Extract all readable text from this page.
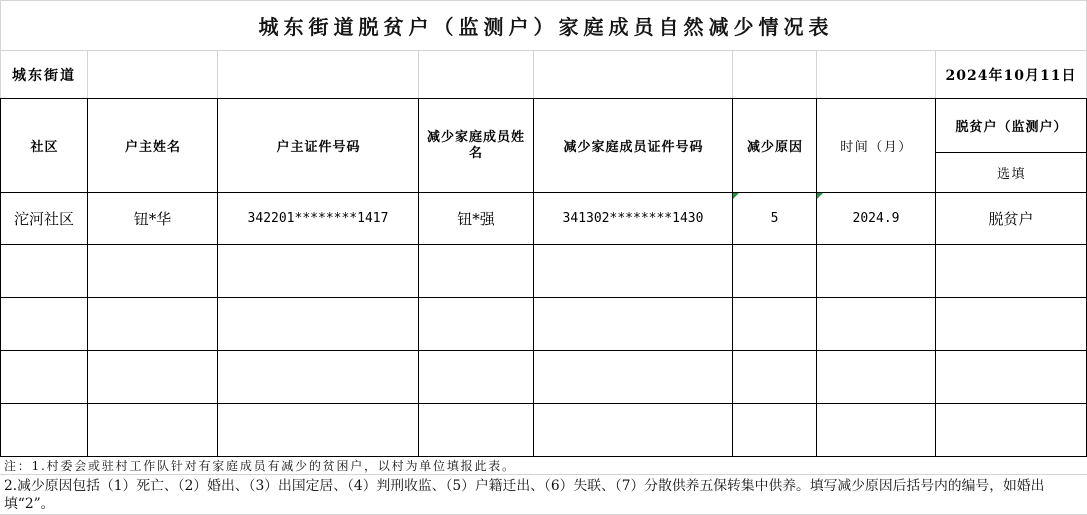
城东街道脱贫户（监测户）家庭成员自然减少情况表							
城东街道							2024年10月11日
社区	户主姓名	户主证件号码	减少家庭成员姓名	减少家庭成员证件号码	减少原因	时间（月）	脱贫户（监测户）
							选填
沱河社区	钮*华	342201********1417	钮*强	341302********1430	5	2024.9	脱贫户

注：1.村委会或驻村工作队针对有家庭成员有减少的贫困户，以村为单位填报此表。
2.减少原因包括（1）死亡、（2）婚出、（3）出国定居、（4）判刑收监、（5）户籍迁出、（6）失联、（7）分散供养五保转集中供养。填写减少原因后括号内的编号，如婚出填“2”。
